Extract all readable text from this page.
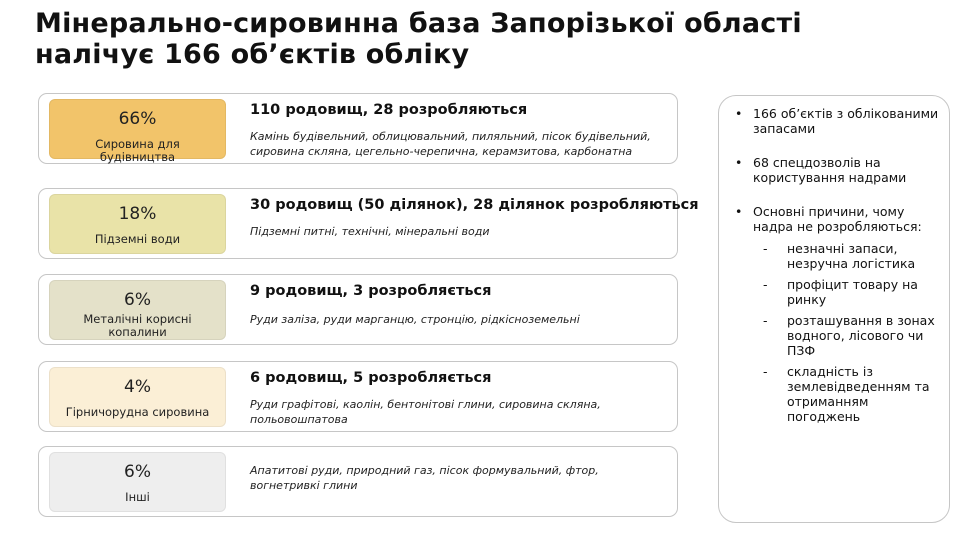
Мінерально-сировинна база Запорізької області
налічує 166 об’єктів обліку
66%
Сировина для будівництва
110 родовищ, 28 розробляються
Камінь будівельний, облицювальний, пиляльний, пісок будівельний, сировина скляна, цегельно-черепична, керамзитова, карбонатна
18%
Підземні води
30 родовищ (50 ділянок), 28 ділянок розробляються
Підземні питні, технічні, мінеральні води
6%
Металічні корисні копалини
9 родовищ, 3 розробляється
Руди заліза, руди марганцю, стронцію, рідкісноземельні
4%
Гірничорудна сировина
6 родовищ, 5 розробляється
Руди графітові, каолін, бентонітові глини, сировина скляна, польовошпатова
6%
Інші
Апатитові руди, природний газ, пісок формувальний, фтор, вогнетривкі глини
• 166 об’єктів з облікованими запасами
• 68 спецдозволів на користування надрами
• Основні причини, чому надра не розробляються:
- незначні запаси, незручна логістика
- профіцит товару на ринку
- розташування в зонах водного, лісового чи ПЗФ
- складність із землевідведенням та отриманням погоджень
